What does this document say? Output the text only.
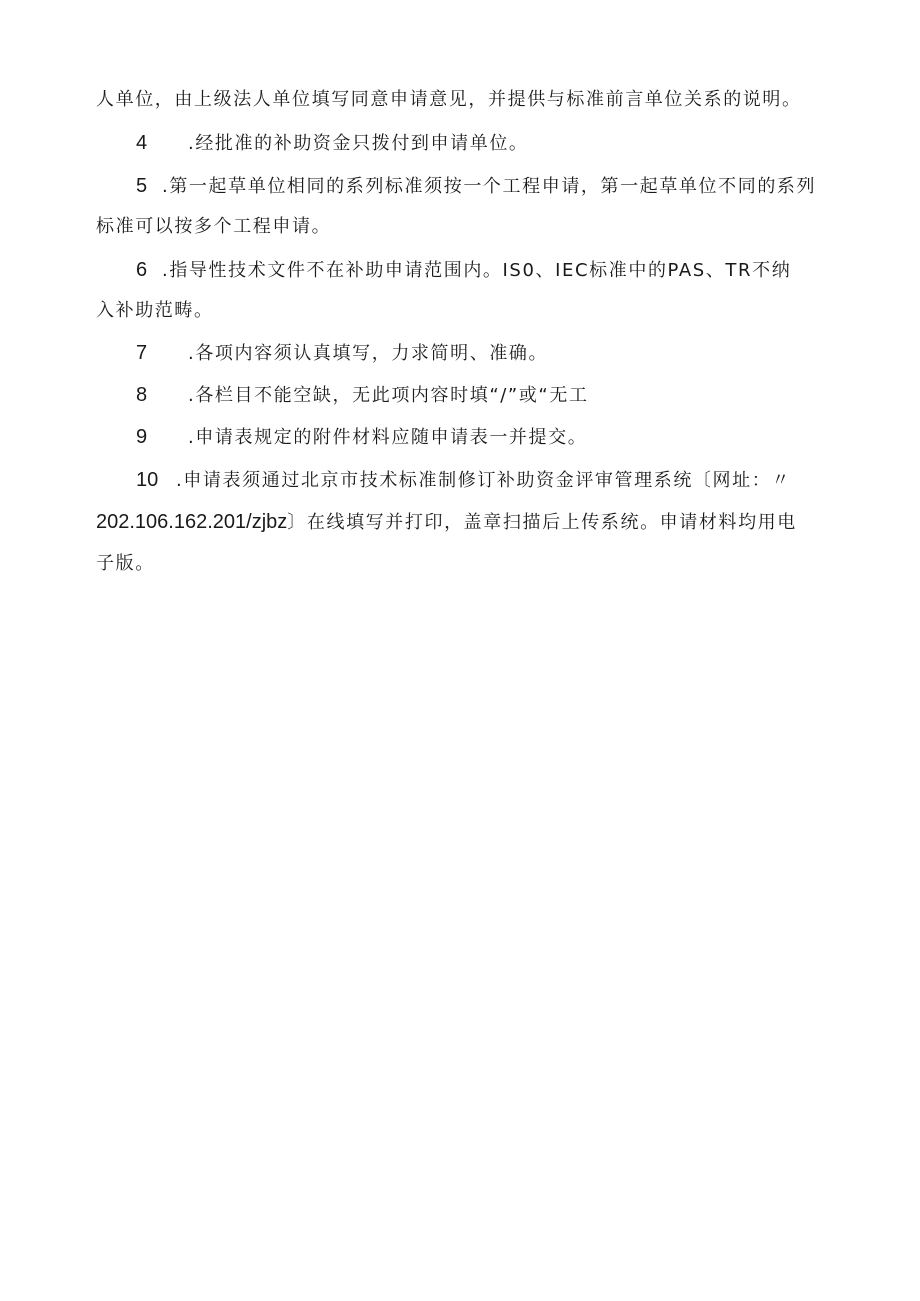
人单位，由上级法人单位填写同意申请意见，并提供与标准前言单位关系的说明。
4 .经批准的补助资金只拨付到申请单位。
5 .第一起草单位相同的系列标准须按一个工程申请，第一起草单位不同的系列
标准可以按多个工程申请。
6 .指导性技术文件不在补助申请范围内。IS0、IEC标准中的PAS、TR不纳
入补助范畴。
7 .各项内容须认真填写，力求简明、准确。
8 .各栏目不能空缺，无此项内容时填“/”或“无工
9 .申请表规定的附件材料应随申请表一并提交。
10 .申请表须通过北京市技术标准制修订补助资金评审管理系统〔网址：〃
202.106.162.201/zjbz〕在线填写并打印，盖章扫描后上传系统。申请材料均用电
子版。
